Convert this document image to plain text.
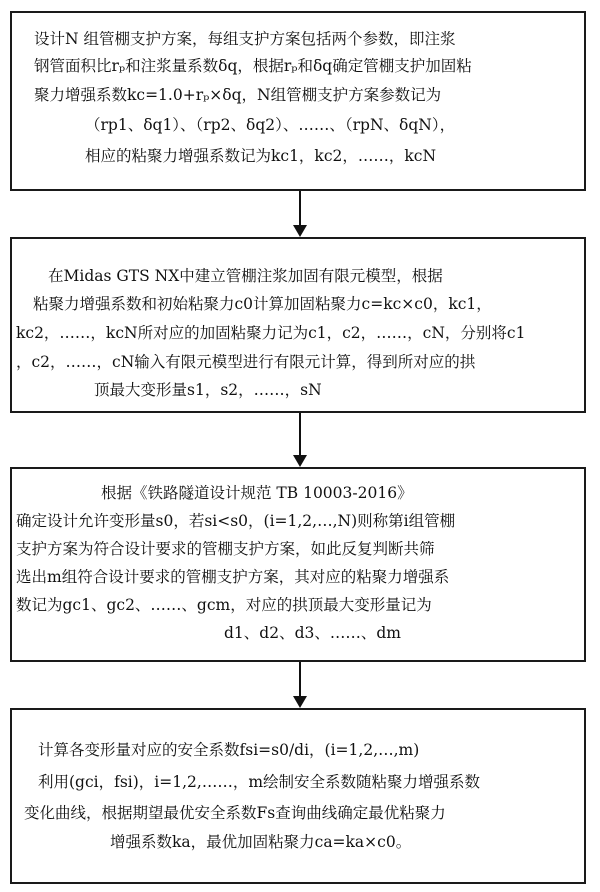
设计N 组管棚支护方案，每组支护方案包括两个参数，即注浆
钢管面积比rₚ和注浆量系数δq，根据rₚ和δq确定管棚支护加固粘
聚力增强系数kc=1.0+rₚ×δq，N组管棚支护方案参数记为
（rp1、δq1）、（rp2、δq2）、……、（rpN、δqN），
相应的粘聚力增强系数记为kc1，kc2，……，kcN
在Midas GTS NX中建立管棚注浆加固有限元模型，根据
粘聚力增强系数和初始粘聚力c0计算加固粘聚力c=kc×c0，kc1，
kc2，……，kcN所对应的加固粘聚力记为c1，c2，……，cN，分别将c1
，c2，……，cN输入有限元模型进行有限元计算，得到所对应的拱
顶最大变形量s1，s2，……，sN
根据《铁路隧道设计规范 TB 10003-2016》
确定设计允许变形量s0，若si<s0，(i=1,2,…,N)则称第i组管棚
支护方案为符合设计要求的管棚支护方案，如此反复判断共筛
选出m组符合设计要求的管棚支护方案，其对应的粘聚力增强系
数记为gc1、gc2、……、gcm，对应的拱顶最大变形量记为
d1、d2、d3、……、dm
计算各变形量对应的安全系数fsi=s0/di，(i=1,2,…,m)
利用(gci，fsi)，i=1,2,……，m绘制安全系数随粘聚力增强系数
变化曲线，根据期望最优安全系数Fs查询曲线确定最优粘聚力
增强系数ka，最优加固粘聚力ca=ka×c0。
